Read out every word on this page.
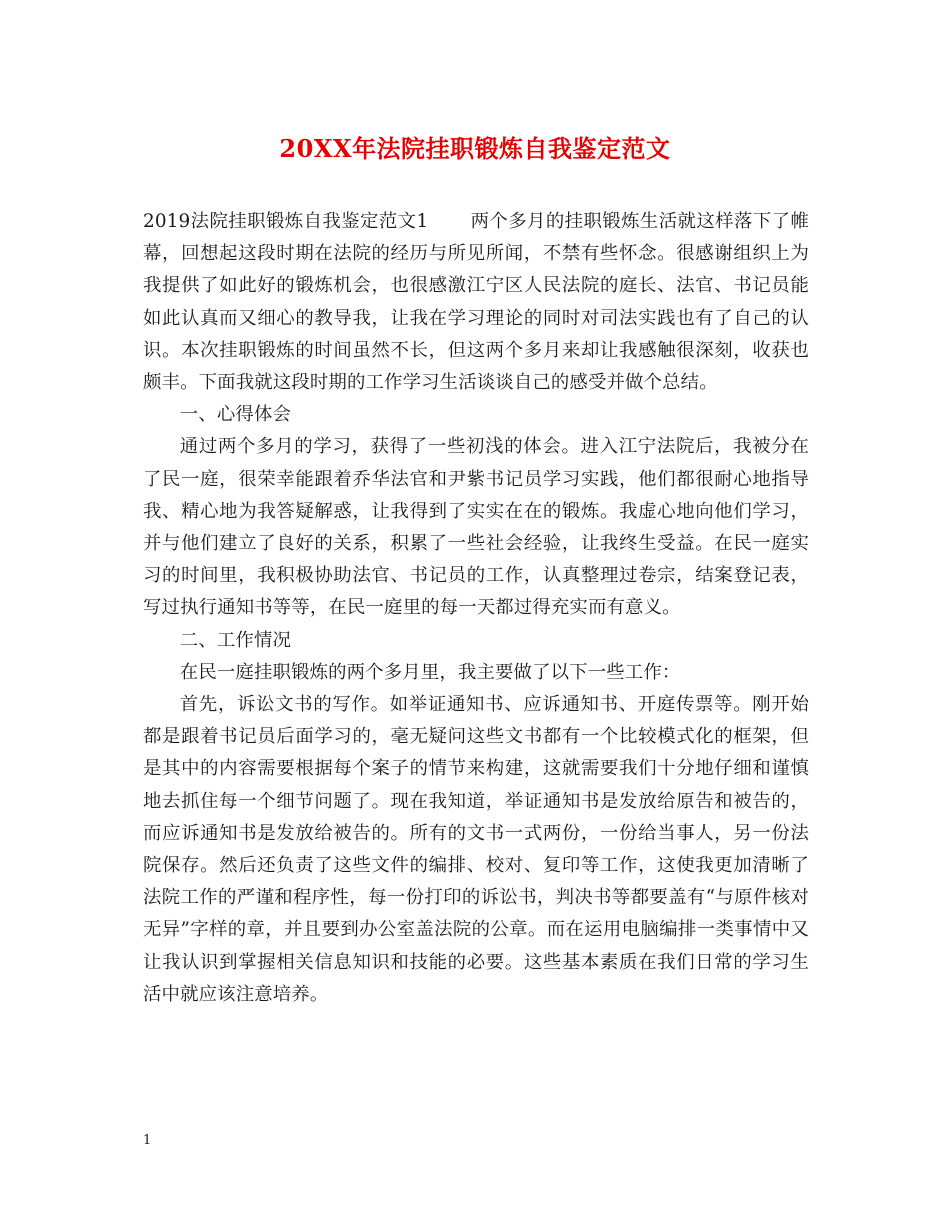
20XX年法院挂职锻炼自我鉴定范文

2019法院挂职锻炼自我鉴定范文1 两个多月的挂职锻炼生活就这样落下了帷幕，回想起这段时期在法院的经历与所见所闻，不禁有些怀念。很感谢组织上为我提供了如此好的锻炼机会，也很感激江宁区人民法院的庭长、法官、书记员能如此认真而又细心的教导我，让我在学习理论的同时对司法实践也有了自己的认识。本次挂职锻炼的时间虽然不长，但这两个多月来却让我感触很深刻，收获也颇丰。下面我就这段时期的工作学习生活谈谈自己的感受并做个总结。

一、心得体会

通过两个多月的学习，获得了一些初浅的体会。进入江宁法院后，我被分在了民一庭，很荣幸能跟着乔华法官和尹紫书记员学习实践，他们都很耐心地指导我、精心地为我答疑解惑，让我得到了实实在在的锻炼。我虚心地向他们学习，并与他们建立了良好的关系，积累了一些社会经验，让我终生受益。在民一庭实习的时间里，我积极协助法官、书记员的工作，认真整理过卷宗，结案登记表，写过执行通知书等等，在民一庭里的每一天都过得充实而有意义。

二、工作情况

在民一庭挂职锻炼的两个多月里，我主要做了以下一些工作：

首先，诉讼文书的写作。如举证通知书、应诉通知书、开庭传票等。刚开始都是跟着书记员后面学习的，毫无疑问这些文书都有一个比较模式化的框架，但是其中的内容需要根据每个案子的情节来构建，这就需要我们十分地仔细和谨慎地去抓住每一个细节问题了。现在我知道，举证通知书是发放给原告和被告的，而应诉通知书是发放给被告的。所有的文书一式两份，一份给当事人，另一份法院保存。然后还负责了这些文件的编排、校对、复印等工作，这使我更加清晰了法院工作的严谨和程序性，每一份打印的诉讼书，判决书等都要盖有“与原件核对无异”字样的章，并且要到办公室盖法院的公章。而在运用电脑编排一类事情中又让我认识到掌握相关信息知识和技能的必要。这些基本素质在我们日常的学习生活中就应该注意培养。

1
